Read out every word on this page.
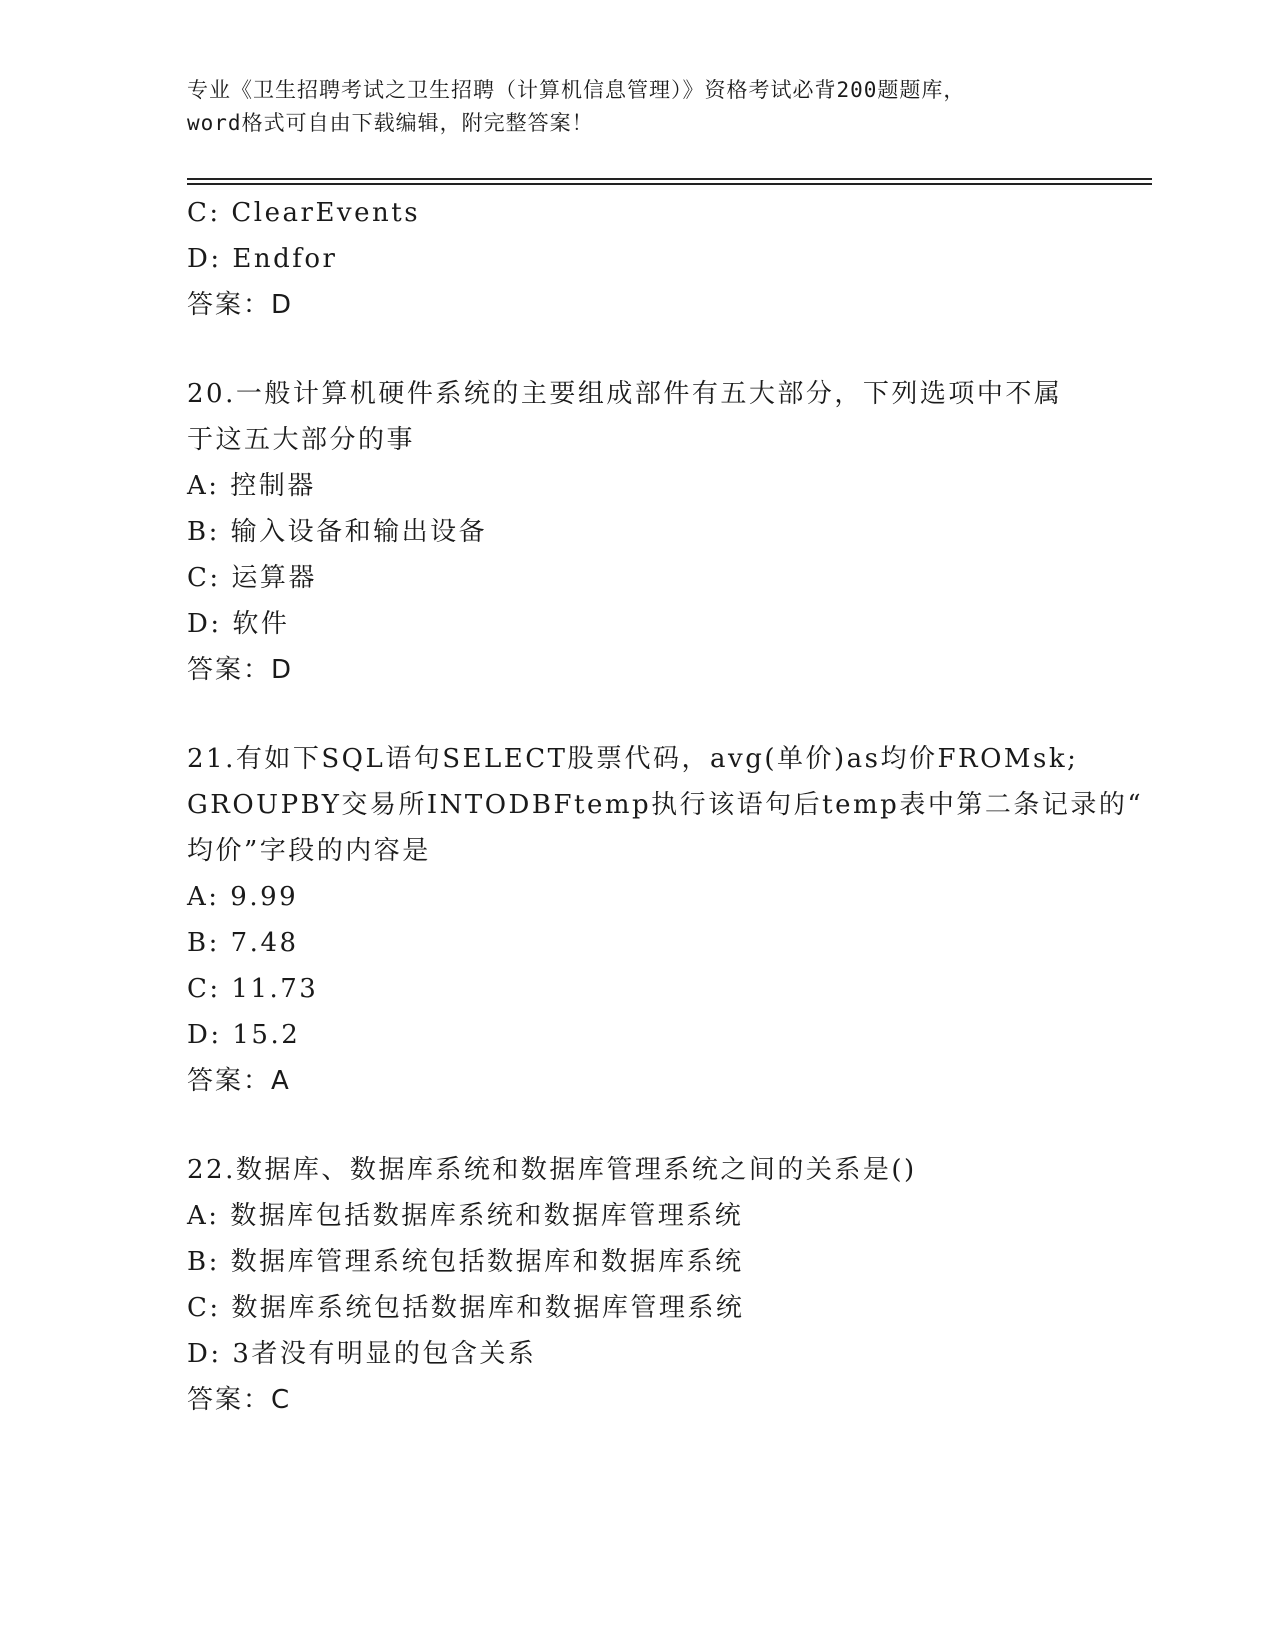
专业《卫生招聘考试之卫生招聘（计算机信息管理）》资格考试必背200题题库，
word格式可自由下载编辑，附完整答案！
C: ClearEvents
D: Endfor
答案：D
20.一般计算机硬件系统的主要组成部件有五大部分，下列选项中不属
于这五大部分的事
A: 控制器
B: 输入设备和输出设备
C: 运算器
D: 软件
答案：D
21.有如下SQL语句SELECT股票代码，avg(单价)as均价FROMsk;
GROUPBY交易所INTODBFtemp执行该语句后temp表中第二条记录的“
均价”字段的内容是
A: 9.99
B: 7.48
C: 11.73
D: 15.2
答案：A
22.数据库、数据库系统和数据库管理系统之间的关系是()
A: 数据库包括数据库系统和数据库管理系统
B: 数据库管理系统包括数据库和数据库系统
C: 数据库系统包括数据库和数据库管理系统
D: 3者没有明显的包含关系
答案：C
